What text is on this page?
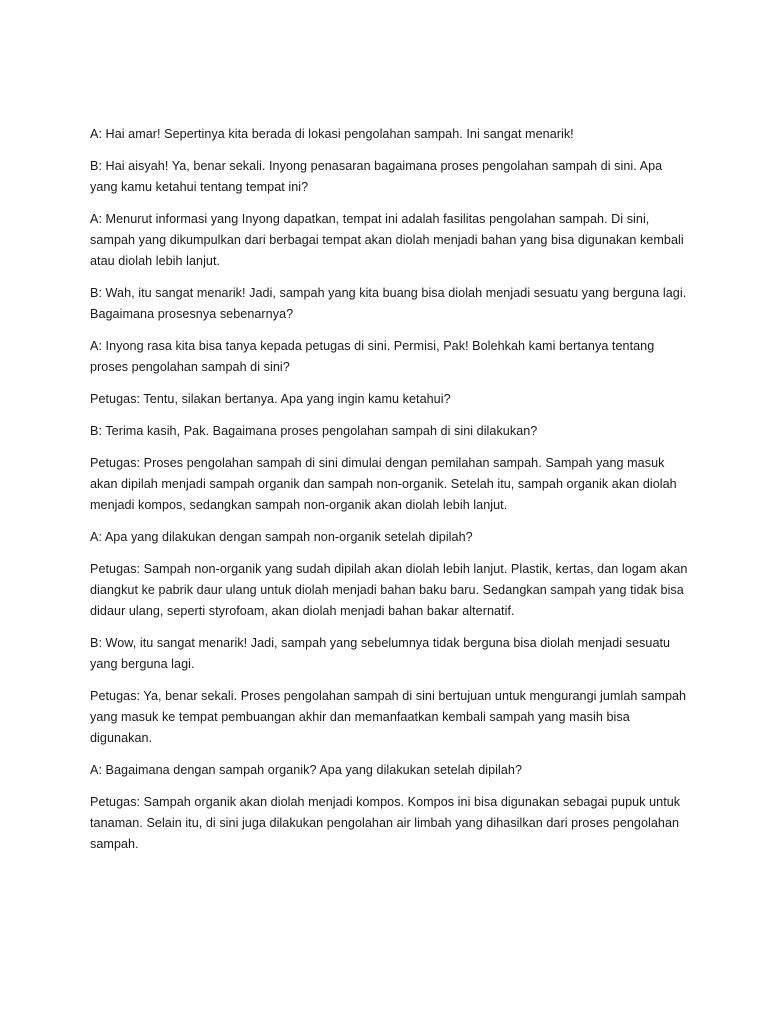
A: Hai amar! Sepertinya kita berada di lokasi pengolahan sampah. Ini sangat menarik!

B: Hai aisyah! Ya, benar sekali. Inyong penasaran bagaimana proses pengolahan sampah di sini. Apa yang kamu ketahui tentang tempat ini?

A: Menurut informasi yang Inyong dapatkan, tempat ini adalah fasilitas pengolahan sampah. Di sini, sampah yang dikumpulkan dari berbagai tempat akan diolah menjadi bahan yang bisa digunakan kembali atau diolah lebih lanjut.

B: Wah, itu sangat menarik! Jadi, sampah yang kita buang bisa diolah menjadi sesuatu yang berguna lagi. Bagaimana prosesnya sebenarnya?

A: Inyong rasa kita bisa tanya kepada petugas di sini. Permisi, Pak! Bolehkah kami bertanya tentang proses pengolahan sampah di sini?

Petugas: Tentu, silakan bertanya. Apa yang ingin kamu ketahui?

B: Terima kasih, Pak. Bagaimana proses pengolahan sampah di sini dilakukan?

Petugas: Proses pengolahan sampah di sini dimulai dengan pemilahan sampah. Sampah yang masuk akan dipilah menjadi sampah organik dan sampah non-organik. Setelah itu, sampah organik akan diolah menjadi kompos, sedangkan sampah non-organik akan diolah lebih lanjut.

A: Apa yang dilakukan dengan sampah non-organik setelah dipilah?

Petugas: Sampah non-organik yang sudah dipilah akan diolah lebih lanjut. Plastik, kertas, dan logam akan diangkut ke pabrik daur ulang untuk diolah menjadi bahan baku baru. Sedangkan sampah yang tidak bisa didaur ulang, seperti styrofoam, akan diolah menjadi bahan bakar alternatif.

B: Wow, itu sangat menarik! Jadi, sampah yang sebelumnya tidak berguna bisa diolah menjadi sesuatu yang berguna lagi.

Petugas: Ya, benar sekali. Proses pengolahan sampah di sini bertujuan untuk mengurangi jumlah sampah yang masuk ke tempat pembuangan akhir dan memanfaatkan kembali sampah yang masih bisa digunakan.

A: Bagaimana dengan sampah organik? Apa yang dilakukan setelah dipilah?

Petugas: Sampah organik akan diolah menjadi kompos. Kompos ini bisa digunakan sebagai pupuk untuk tanaman. Selain itu, di sini juga dilakukan pengolahan air limbah yang dihasilkan dari proses pengolahan sampah.
